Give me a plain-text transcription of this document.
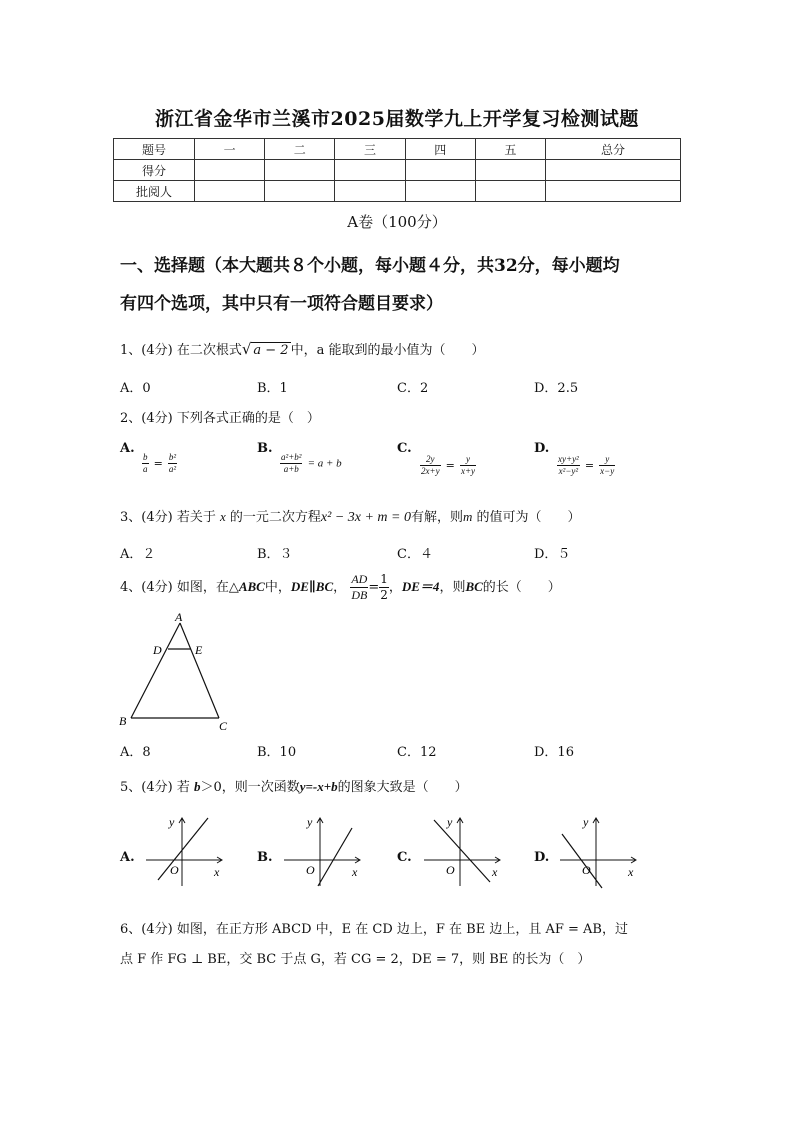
浙江省金华市兰溪市2025届数学九上开学复习检测试题
题号	一	二	三	四	五	总分
得分						
批阅人						
A卷（100分）
一、选择题（本大题共８个小题，每小题４分，共32分，每小题均
有四个选项，其中只有一项符合题目要求）
1、(4分) 在二次根式√ a − 2 中，a 能取到的最小值为（　　）
A．0	B．1	C．2	D．2.5
2、(4分) 下列各式正确的是（　）
A.
$\frac{b}{a} = \frac{\text{b²}}{\text{a²}}$
B.
$\frac{\text{a²+b²}}{a+b} = a + b$
C.
$\frac{2y}{2x+y} = \frac{y}{x+y}$
D.
$\frac{\text{xy+y²}}{\text{x²−y²}} = \frac{y}{x-y}$
3、(4分) 若关于 x 的一元二次方程x² − 3x + m = 0有解，则m 的值可为（　　）
A．２	B．３	C．４	D．５
4、(4分) 如图，在△ABC中，DE∥BC， $\frac{AD}{DB} = \frac{1}{2}$ ，DE＝4，则BC的长（　　）
A
D	E
B	C
A．8	B．10	C．12	D．16
5、(4分) 若 b＞0，则一次函数y=-x+b的图象大致是（　　）
A.	B.	C.	D.
y
x
O
y
x
O
y
x
O
y
x
O
6、(4分) 如图，在正方形 ABCD 中，E 在 CD 边上，F 在 BE 边上，且 AF = AB，过
点 F 作 FG ⊥ BE，交 BC 于点 G，若 CG = 2，DE = 7，则 BE 的长为（　）
